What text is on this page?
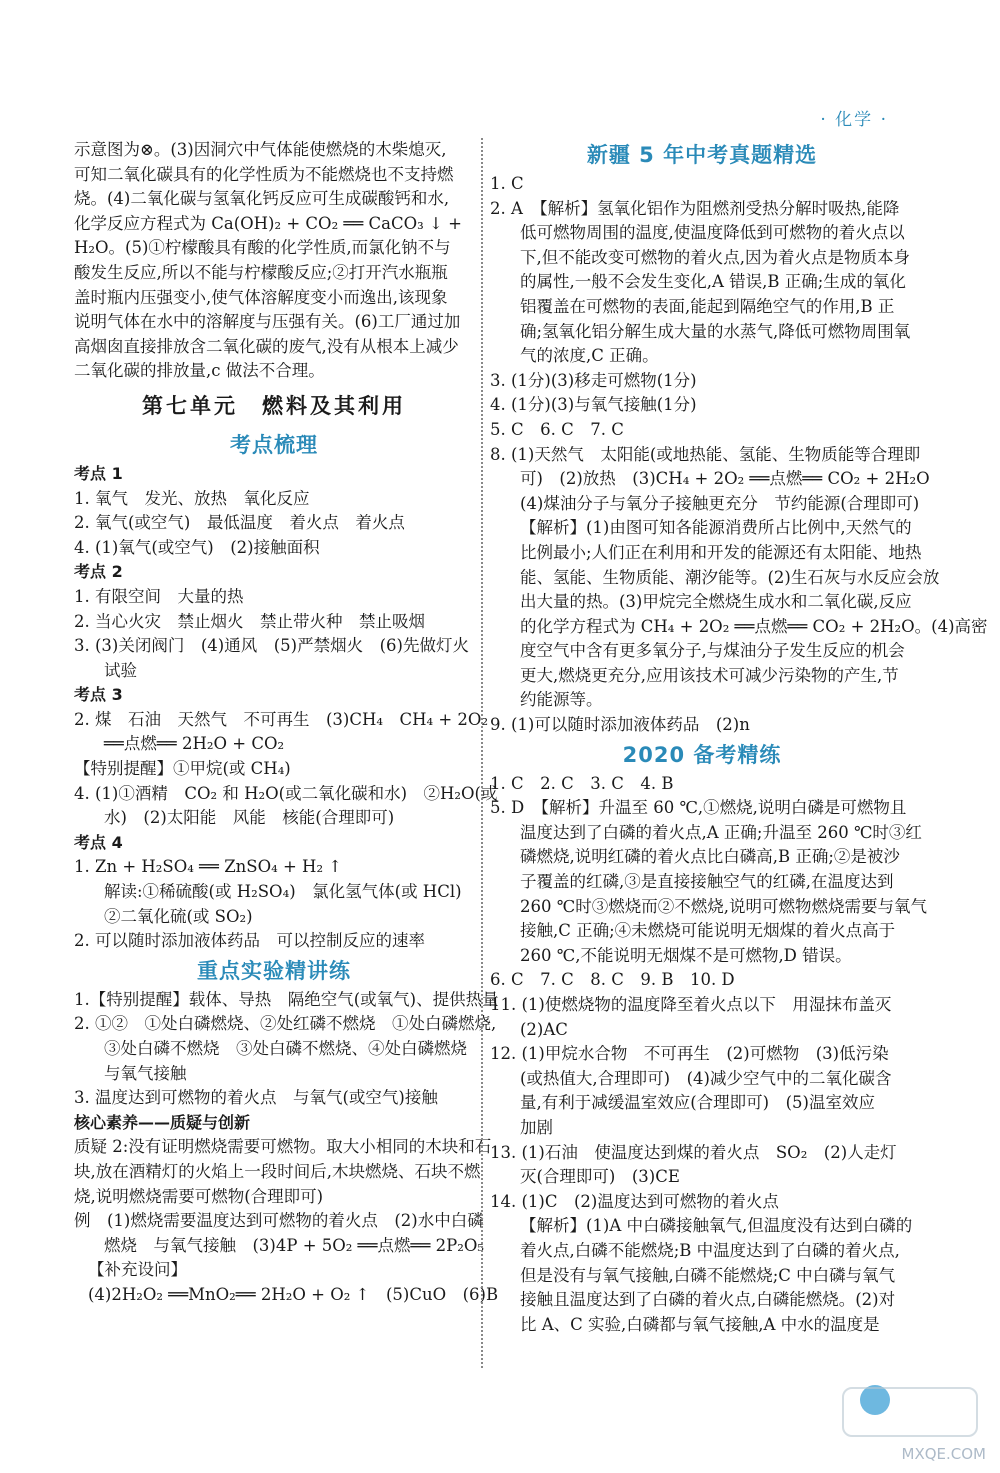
· 化学 ·
示意图为⊗。(3)因洞穴中气体能使燃烧的木柴熄灭,
可知二氧化碳具有的化学性质为不能燃烧也不支持燃
烧。(4)二氧化碳与氢氧化钙反应可生成碳酸钙和水,
化学反应方程式为 Ca(OH)₂ + CO₂ ══ CaCO₃ ↓ +
H₂O。(5)①柠檬酸具有酸的化学性质,而氯化钠不与
酸发生反应,所以不能与柠檬酸反应;②打开汽水瓶瓶
盖时瓶内压强变小,使气体溶解度变小而逸出,该现象
说明气体在水中的溶解度与压强有关。(6)工厂通过加
高烟囱直接排放含二氧化碳的废气,没有从根本上减少
二氧化碳的排放量,c 做法不合理。
第七单元　燃料及其利用
考点梳理
考点 1
1. 氧气　发光、放热　氧化反应
2. 氧气(或空气)　最低温度　着火点　着火点
4. (1)氧气(或空气)　(2)接触面积
考点 2
1. 有限空间　大量的热
2. 当心火灾　禁止烟火　禁止带火种　禁止吸烟
3. (3)关闭阀门　(4)通风　(5)严禁烟火　(6)先做灯火
试验
考点 3
2. 煤　石油　天然气　不可再生　(3)CH₄　CH₄ + 2O₂
══点燃══ 2H₂O + CO₂
【特别提醒】①甲烷(或 CH₄)
4. (1)①酒精　CO₂ 和 H₂O(或二氧化碳和水)　②H₂O(或
水)　(2)太阳能　风能　核能(合理即可)
考点 4
1. Zn + H₂SO₄ ══ ZnSO₄ + H₂ ↑
解读:①稀硫酸(或 H₂SO₄)　氯化氢气体(或 HCl)
②二氧化硫(或 SO₂)
2. 可以随时添加液体药品　可以控制反应的速率
重点实验精讲练
1.【特别提醒】载体、导热　隔绝空气(或氧气)、提供热量
2. ①②　①处白磷燃烧、②处红磷不燃烧　①处白磷燃烧,
③处白磷不燃烧　③处白磷不燃烧、④处白磷燃烧
与氧气接触
3. 温度达到可燃物的着火点　与氧气(或空气)接触
核心素养——质疑与创新
质疑 2:没有证明燃烧需要可燃物。取大小相同的木块和石
块,放在酒精灯的火焰上一段时间后,木块燃烧、石块不燃
烧,说明燃烧需要可燃物(合理即可)
例　(1)燃烧需要温度达到可燃物的着火点　(2)水中白磷
燃烧　与氧气接触　(3)4P + 5O₂ ══点燃══ 2P₂O₅
【补充设问】
(4)2H₂O₂ ══MnO₂══ 2H₂O + O₂ ↑　(5)CuO　(6)B
新疆 5 年中考真题精选
1. C
2. A　【解析】氢氧化铝作为阻燃剂受热分解时吸热,能降
低可燃物周围的温度,使温度降低到可燃物的着火点以
下,但不能改变可燃物的着火点,因为着火点是物质本身
的属性,一般不会发生变化,A 错误,B 正确;生成的氧化
铝覆盖在可燃物的表面,能起到隔绝空气的作用,B 正
确;氢氧化铝分解生成大量的水蒸气,降低可燃物周围氧
气的浓度,C 正确。
3. (1分)(3)移走可燃物(1分)
4. (1分)(3)与氧气接触(1分)
5. C　6. C　7. C
8. (1)天然气　太阳能(或地热能、氢能、生物质能等合理即
可)　(2)放热　(3)CH₄ + 2O₂ ══点燃══ CO₂ + 2H₂O
(4)煤油分子与氧分子接触更充分　节约能源(合理即可)
【解析】(1)由图可知各能源消费所占比例中,天然气的
比例最小;人们正在利用和开发的能源还有太阳能、地热
能、氢能、生物质能、潮汐能等。(2)生石灰与水反应会放
出大量的热。(3)甲烷完全燃烧生成水和二氧化碳,反应
的化学方程式为 CH₄ + 2O₂ ══点燃══ CO₂ + 2H₂O。(4)高密
度空气中含有更多氧分子,与煤油分子发生反应的机会
更大,燃烧更充分,应用该技术可减少污染物的产生,节
约能源等。
9. (1)可以随时添加液体药品　(2)n
2020 备考精练
1. C　2. C　3. C　4. B
5. D　【解析】升温至 60 ℃,①燃烧,说明白磷是可燃物且
温度达到了白磷的着火点,A 正确;升温至 260 ℃时③红
磷燃烧,说明红磷的着火点比白磷高,B 正确;②是被沙
子覆盖的红磷,③是直接接触空气的红磷,在温度达到
260 ℃时③燃烧而②不燃烧,说明可燃物燃烧需要与氧气
接触,C 正确;④未燃烧可能说明无烟煤的着火点高于
260 ℃,不能说明无烟煤不是可燃物,D 错误。
6. C　7. C　8. C　9. B　10. D
11. (1)使燃烧物的温度降至着火点以下　用湿抹布盖灭
(2)AC
12. (1)甲烷水合物　不可再生　(2)可燃物　(3)低污染
(或热值大,合理即可)　(4)减少空气中的二氧化碳含
量,有利于减缓温室效应(合理即可)　(5)温室效应
加剧
13. (1)石油　使温度达到煤的着火点　SO₂　(2)人走灯
灭(合理即可)　(3)CE
14. (1)C　(2)温度达到可燃物的着火点
【解析】(1)A 中白磷接触氧气,但温度没有达到白磷的
着火点,白磷不能燃烧;B 中温度达到了白磷的着火点,
但是没有与氧气接触,白磷不能燃烧;C 中白磷与氧气
接触且温度达到了白磷的着火点,白磷能燃烧。(2)对
比 A、C 实验,白磷都与氧气接触,A 中水的温度是
MXQE.COM
